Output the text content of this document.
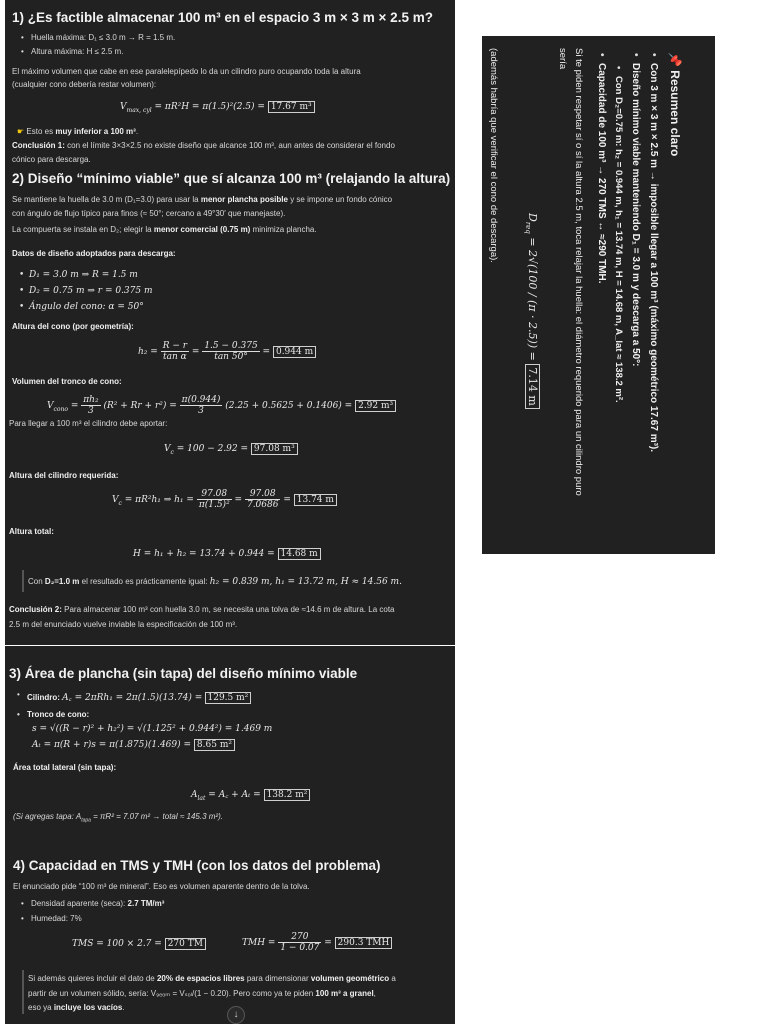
1) ¿Es factible almacenar 100 m³ en el espacio 3 m × 3 m × 2.5 m?
• Huella máxima: D₁ ≤ 3.0 m → R = 1.5 m.
• Altura máxima: H ≤ 2.5 m.
El máximo volumen que cabe en ese paralelepípedo lo da un cilindro puro ocupando toda la altura
(cualquier cono debería restar volumen):
$V_{max, cyl} = \pi R^2H = \pi(1.5)^2(2.5) = 17.67$ m³
☛ Esto es muy inferior a 100 m³.
Conclusión 1: con el límite 3×3×2.5 no existe diseño que alcance 100 m³, aun antes de considerar el fondo
cónico para descarga.
2) Diseño “mínimo viable” que sí alcanza 100 m³ (relajando la altura)
Se mantiene la huella de 3.0 m (D₁=3.0) para usar la menor plancha posible y se impone un fondo cónico
con ángulo de flujo típico para finos (≈ 50°; cercano a 49°30′ que manejaste).
La compuerta se instala en D₂; elegir la menor comercial (0.75 m) minimiza plancha.
Datos de diseño adoptados para descarga:
• D₁ = 3.0 m ⇒ R = 1.5 m
• D₂ = 0.75 m ⇒ r = 0.375 m
• Ángulo del cono: α = 50°
Altura del cono (por geometría):
$h_2 = \frac{R - r}{\text{tan α}} = \frac{1.5 - 0.375}{\tan 50^\circ} = 0.944$ m
Volumen del tronco de cono:
$V_{cono} = \frac{\text{πh₂}}{3} (R^2 + Rr + r^2) = \frac{\pi(0.944)}{3} (2.25 + 0.5625 + 0.1406) = 2.92$ m³
Para llegar a 100 m³ el cilindro debe aportar:
$V_c = 100 - 2.92 = 97.08$ m³
Altura del cilindro requerida:
$V_c = \pi R^2h_1$ ⇒ $h_1 = \frac{97.08}{\text{π(1.5)²}} = \frac{97.08}{7.0686} = 13.74$ m
Altura total:
H = h₁ + h₂ = 13.74 + 0.944 = 14.68 m
Con D₂=1.0 m el resultado es prácticamente igual: h₂ = 0.839 m, h₁ = 13.72 m, H ≈ 14.56 m.
Conclusión 2: Para almacenar 100 m³ con huella 3.0 m, se necesita una tolva de ≈14.6 m de altura. La cota
2.5 m del enunciado vuelve inviable la especificación de 100 m³.
3) Área de plancha (sin tapa) del diseño mínimo viable
• Cilindro: A꜀ = 2πRh₁ = 2π(1.5)(13.74) = 129.5 m²
• Tronco de cono:
s = √((R − r)² + h₂²) = √(1.125² + 0.944²) = 1.469 m
Aₜ = π(R + r)s = π(1.875)(1.469) = 8.65 m²
Área total lateral (sin tapa):
$A_{lat}$ = A꜀ + Aₜ = 138.2 m²
(Si agregas tapa: $A_{tapa} = \pi R^2 = 7.07$ m² → total ≈ 145.3 m²).
4) Capacidad en TMS y TMH (con los datos del problema)
El enunciado pide “100 m³ de mineral”. Eso es volumen aparente dentro de la tolva.
• Densidad aparente (seca): 2.7 TM/m³
• Humedad: 7%
TMS = 100 × 2.7 = 270 TM	TMH = $\frac{270}{1 - 0.07} = 290.3$ TMH
Si además quieres incluir el dato de 20% de espacios libres para dimensionar volumen geométrico a
partir de un volumen sólido, sería: V₉ₑₒₘ = Vₛₒₗ/(1 − 0.20). Pero como ya te piden 100 m³ a granel,
eso ya incluye los vacíos.
↓
📌 Resumen claro
• Con 3 m × 3 m × 2.5 m → imposible llegar a 100 m³ (máximo geométrico 17.67 m³).
• Diseño mínimo viable manteniendo D₁ = 3.0 m y descarga a 50°:
• Con D₂=0.75 m: h₂ = 0.944 m, h₁ = 13.74 m, H = 14.68 m, A_lat ≈ 138.2 m².
• Capacidad de 100 m³ → 270 TMS ↔ ≈290 TMH.
Si te piden respetar sí o sí la altura 2.5 m, toca relajar la huella: el diámetro requerido para un cilindro puro
sería
$D_{req} = 2√(100 / (\pi \cdot 2.5)) = 7.14$ m
(además habría que verificar el cono de descarga).
